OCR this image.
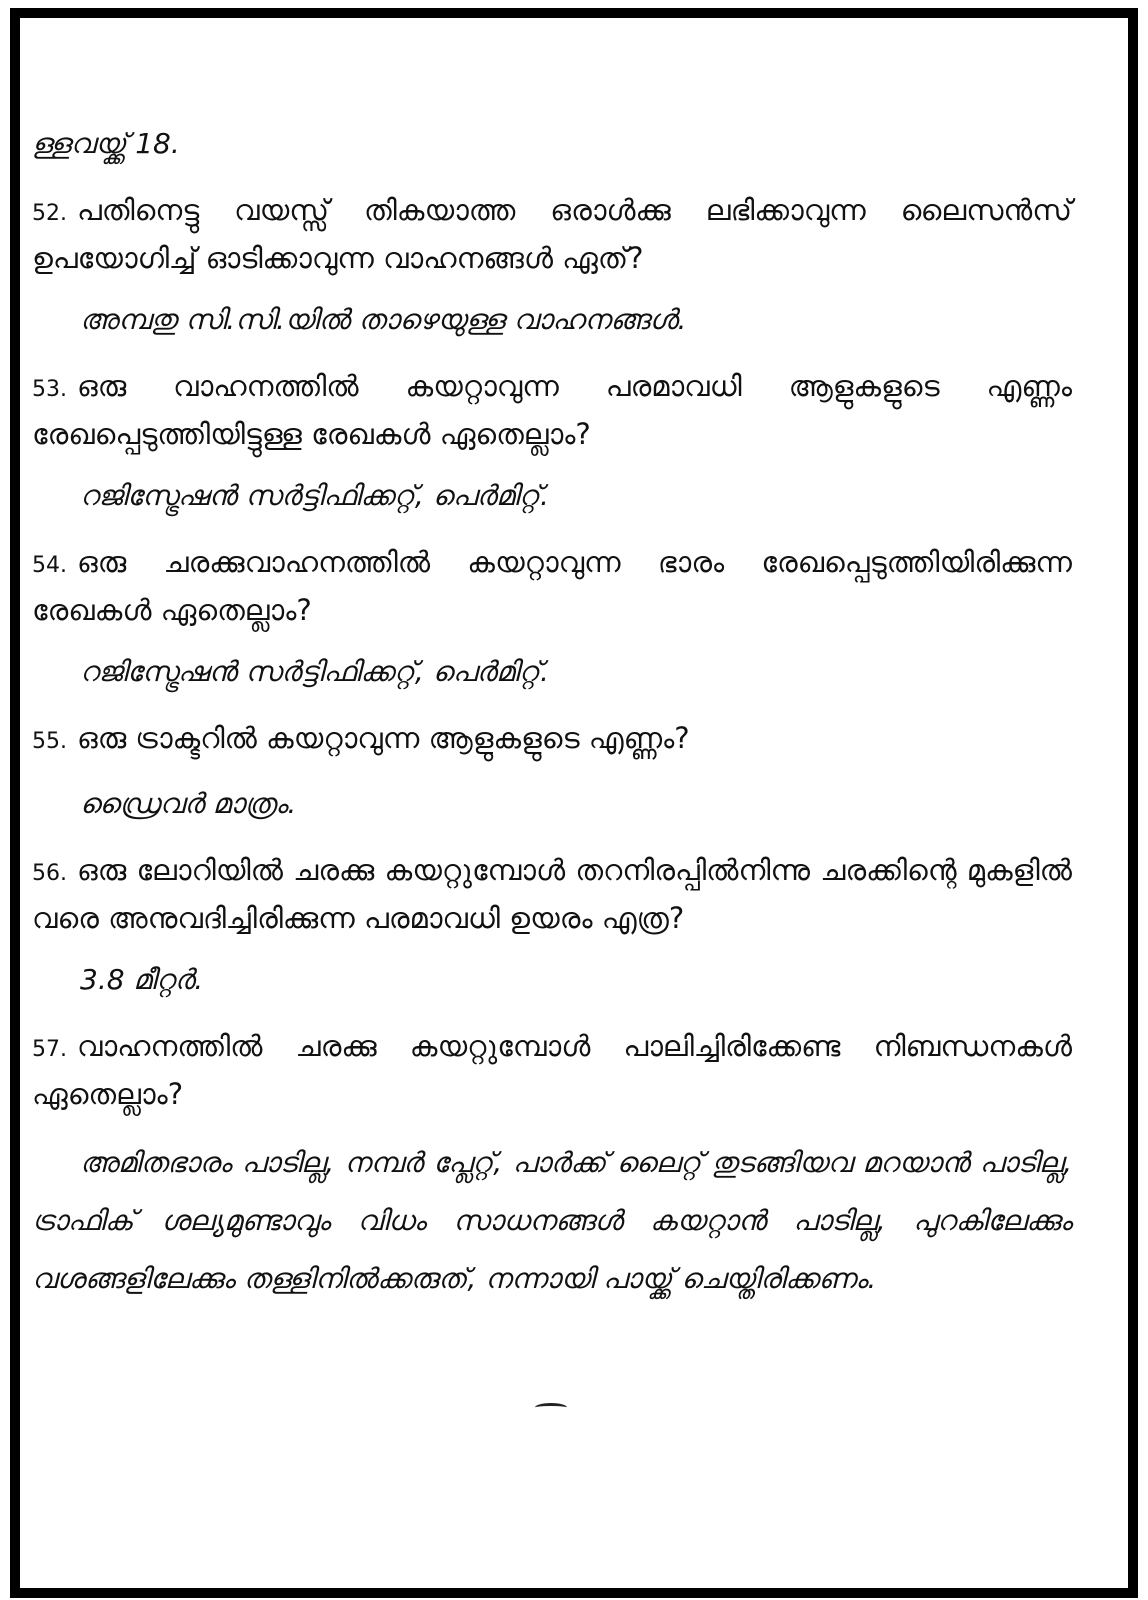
ള്ളവയ്ക്ക് 18.
52. പതിനെട്ടു വയസ്സ് തികയാത്ത ഒരാൾക്കു ലഭിക്കാവുന്ന ലൈസൻസ് ഉപയോഗിച്ച് ഓടിക്കാവുന്ന വാഹനങ്ങൾ ഏത്?
അമ്പതു സി.സി.യിൽ താഴെയുള്ള വാഹനങ്ങൾ.
53. ഒരു വാഹനത്തിൽ കയറ്റാവുന്ന പരമാവധി ആളുകളുടെ എണ്ണം രേഖപ്പെടുത്തിയിട്ടുള്ള രേഖകൾ ഏതെല്ലാം?
റജിസ്ട്രേഷൻ സർട്ടിഫിക്കറ്റ്, പെർമിറ്റ്.
54. ഒരു ചരക്കുവാഹനത്തിൽ കയറ്റാവുന്ന ഭാരം രേഖപ്പെടുത്തിയിരിക്കുന്ന രേഖകൾ ഏതെല്ലാം?
റജിസ്ട്രേഷൻ സർട്ടിഫിക്കറ്റ്, പെർമിറ്റ്.
55. ഒരു ട്രാക്ടറിൽ കയറ്റാവുന്ന ആളുകളുടെ എണ്ണം?
ഡ്രൈവർ മാത്രം.
56. ഒരു ലോറിയിൽ ചരക്കു കയറ്റുമ്പോൾ തറനിരപ്പിൽനിന്നു ചരക്കിന്റെ മുകളിൽ വരെ അനുവദിച്ചിരിക്കുന്ന പരമാവധി ഉയരം എത്ര?
3.8 മീറ്റർ.
57. വാഹനത്തിൽ ചരക്കു കയറ്റുമ്പോൾ പാലിച്ചിരിക്കേണ്ട നിബന്ധനകൾ ഏതെല്ലാം?
അമിതഭാരം പാടില്ല, നമ്പർ പ്ലേറ്റ്, പാർക്ക് ലൈറ്റ് തുടങ്ങിയവ മറയാൻ പാടില്ല, ട്രാഫിക് ശല്യമുണ്ടാവും വിധം സാധനങ്ങൾ കയറ്റാൻ പാടില്ല, പുറകിലേക്കും വശങ്ങളിലേക്കും തള്ളിനിൽക്കരുത്, നന്നായി പായ്ക്ക് ചെയ്തിരിക്കണം.
